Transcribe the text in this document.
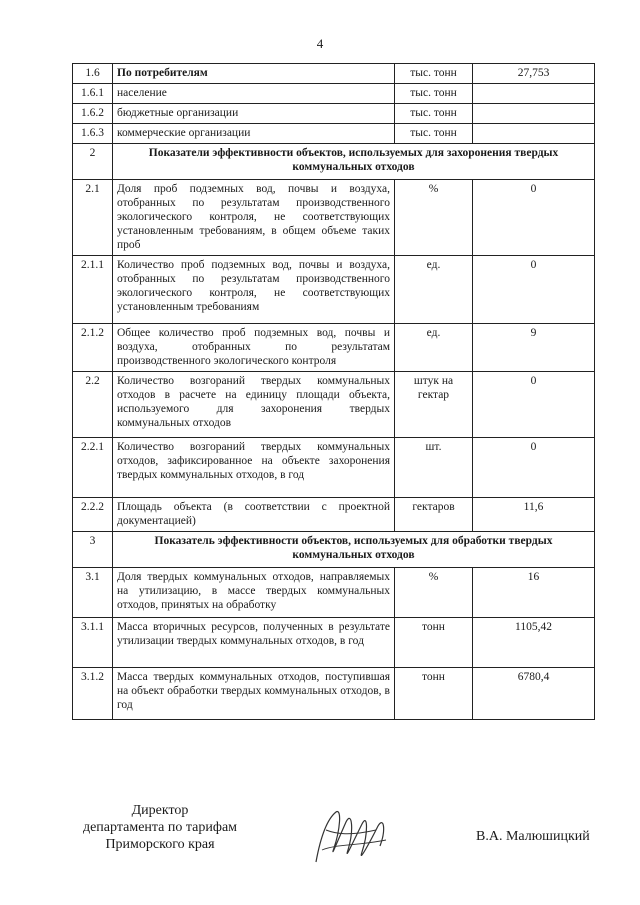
4
1.6	По потребителям	тыс. тонн	27,753
1.6.1	население	тыс. тонн	
1.6.2	бюджетные организации	тыс. тонн	
1.6.3	коммерческие организации	тыс. тонн	
2	Показатели эффективности объектов, используемых для захоронения твердых коммунальных отходов		
2.1	Доля проб подземных вод, почвы и воздуха, отобранных по результатам производственного экологического контроля, не соответствующих установленным требованиям, в общем объеме таких проб	%	0
2.1.1	Количество проб подземных вод, почвы и воздуха, отобранных по результатам производственного экологического контроля, не соответствующих установленным требованиям	ед.	0
2.1.2	Общее количество проб подземных вод, почвы и воздуха, отобранных по результатам производственного экологического контроля	ед.	9
2.2	Количество возгораний твердых коммунальных отходов в расчете на единицу площади объекта, используемого для захоронения твердых коммунальных отходов	штук на гектар	0
2.2.1	Количество возгораний твердых коммунальных отходов, зафиксированное на объекте захоронения твердых коммунальных отходов, в год	шт.	0
2.2.2	Площадь объекта (в соответствии с проектной документацией)	гектаров	11,6
3	Показатель эффективности объектов, используемых для обработки твердых коммунальных отходов		
3.1	Доля твердых коммунальных отходов, направляемых на утилизацию, в массе твердых коммунальных отходов, принятых на обработку	%	16
3.1.1	Масса вторичных ресурсов, полученных в результате утилизации твердых коммунальных отходов, в год	тонн	1105,42
3.1.2	Масса твердых коммунальных отходов, поступившая на объект обработки твердых коммунальных отходов, в год	тонн	6780,4
Директор
департамента по тарифам
Приморского края
В.А. Малюшицкий
